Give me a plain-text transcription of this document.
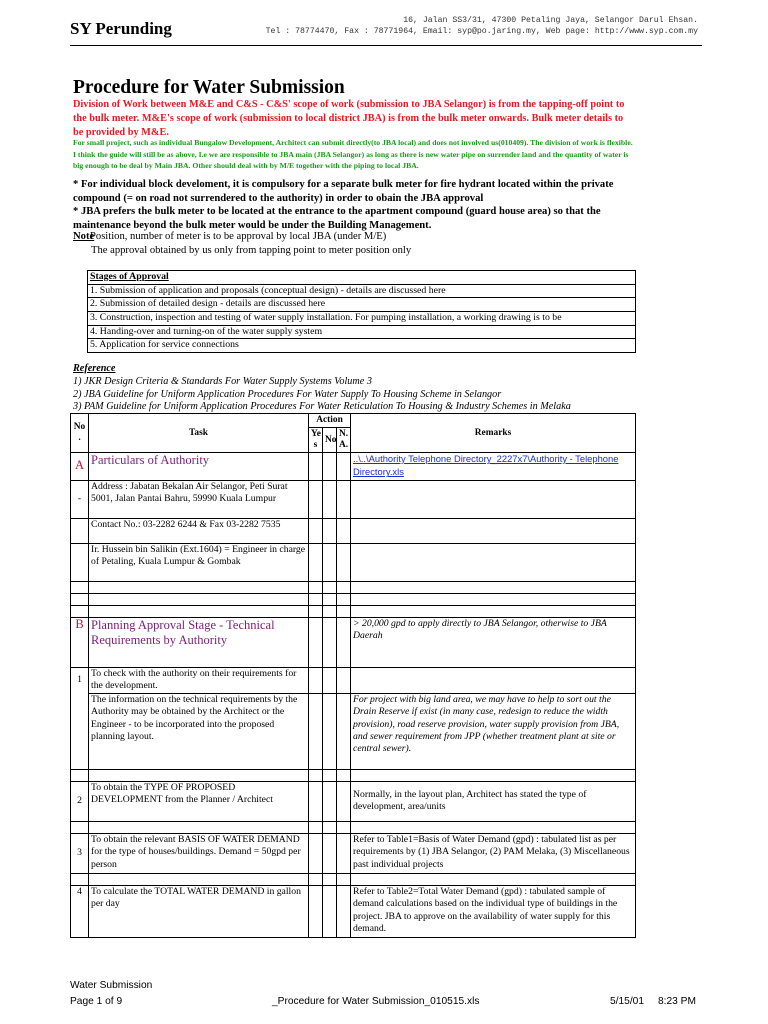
SY Perunding	16, Jalan SS3/31, 47300 Petaling Jaya, Selangor Darul Ehsan.
Tel : 78774470, Fax : 78771964, Email: syp@po.jaring.my, Web page: http://www.syp.com.my
Procedure for Water Submission
Division of Work between M&E and C&S - C&S' scope of work (submission to JBA Selangor) is from the tapping-off point to the bulk meter. M&E's scope of work (submission to local district JBA) is from the bulk meter onwards. Bulk meter details to be provided by M&E.
For small project, such as individual Bungalow Development, Architect can submit directly(to JBA local) and does not involved us(010409). The division of work is flexible. I think the guide will still be as above, I.e we are responsible to JBA main (JBA Selangor) as long as there is new water pipe on surrender land and the quantity of water is big enough to be deal by Main JBA. Other should deal with by M/E together with the piping to local JBA.
* For individual block develoment, it is compulsory for a separate bulk meter for fire hydrant located within the private compound (= on road not surrendered to the authority) in order to obain the JBA approval
* JBA prefers the bulk meter to be located at the entrance to the apartment compound (guard house area) so that the maintenance beyond the bulk meter would be under the Building Management.
NotePosition, number of meter is to be approval by local JBA (under M/E)
The approval obtained by us only from tapping point to meter position only
Stages of Approval
1. Submission of application and proposals (conceptual design) - details are discussed here
2. Submission of detailed design - details are discussed here
3. Construction, inspection and testing of water supply installation. For pumping installation, a working drawing is to be
4. Handing-over and turning-on of the water supply system
5. Application for service connections
Reference
1) JKR Design Criteria & Standards For Water Supply Systems Volume 3
2) JBA Guideline for Uniform Application Procedures For Water Supply To Housing Scheme in Selangor
3) PAM Guideline for Uniform Application Procedures For Water Reticulation To Housing & Industry Schemes in Melaka
No .	Task	Action			Remarks
		Ye s	No	N. A.	
A	Particulars of Authority				..\..\Authority Telephone Directory_2227x7\Authority - Telephone Directory.xls
-	Address : Jabatan Bekalan Air Selangor, Peti Surat 5001, Jalan Pantai Bahru, 59990 Kuala Lumpur				
	Contact No.: 03-2282 6244 & Fax 03-2282 7535				
	Ir. Hussein bin Salikin (Ext.1604) = Engineer in charge of Petaling, Kuala Lumpur & Gombak				

B	Planning Approval Stage - Technical Requirements by Authority				> 20,000 gpd to apply directly to JBA Selangor, otherwise to JBA Daerah
1	To check with the authority on their requirements for the development.				
	The information on the technical requirements by the Authority may be obtained by the Architect or the Engineer - to be incorporated into the proposed planning layout.				For project with big land area, we may have to help to sort out the Drain Reserve if exist (in many case, redesign to reduce the width provision), road reserve provision, water supply provision from JBA, and sewer requirement from JPP (whether treatment plant at site or central sewer).

2	To obtain the TYPE OF PROPOSED DEVELOPMENT from the Planner / Architect				Normally, in the layout plan, Architect has stated the type of development, area/units

3	To obtain the relevant BASIS OF WATER DEMAND for the type of houses/buildings. Demand = 50gpd per person				Refer to Table1=Basis of Water Demand (gpd) : tabulated list as per requirements by (1) JBA Selangor, (2) PAM Melaka, (3) Miscellaneous past individual projects

4	To calculate the TOTAL WATER DEMAND in gallon per day				Refer to Table2=Total Water Demand (gpd) : tabulated sample of demand calculations based on the individual type of buildings in the project. JBA to approve on the availability of water supply for this demand.
Water Submission
Page 1 of 9	_Procedure for Water Submission_010515.xls	5/15/01 8:23 PM
